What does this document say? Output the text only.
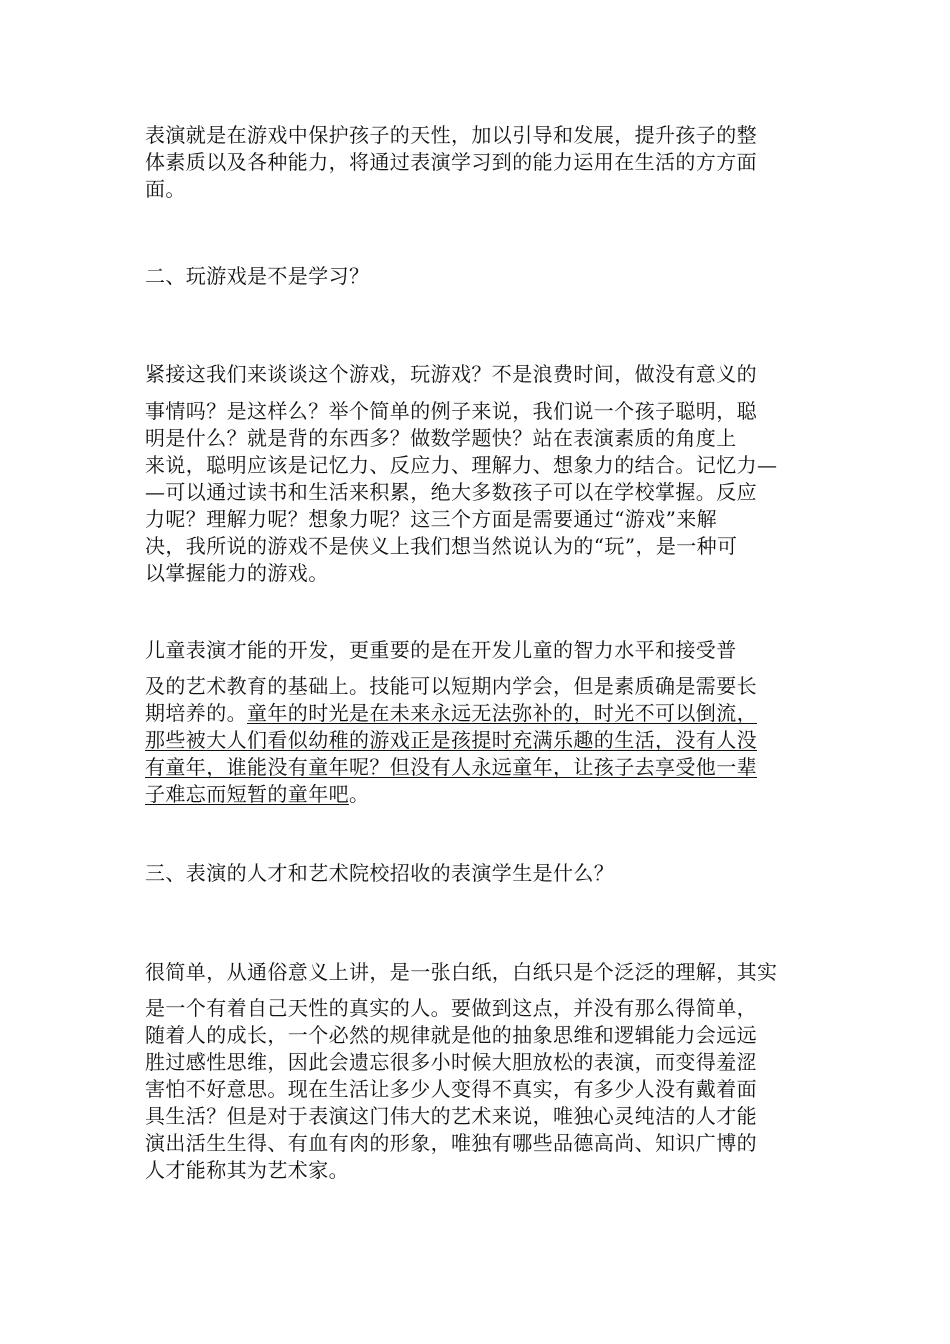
表演就是在游戏中保护孩子的天性，加以引导和发展，提升孩子的整
体素质以及各种能力，将通过表演学习到的能力运用在生活的方方面
面。
二、玩游戏是不是学习？
紧接这我们来谈谈这个游戏，玩游戏？不是浪费时间，做没有意义的
事情吗？是这样么？举个简单的例子来说，我们说一个孩子聪明，聪
明是什么？就是背的东西多？做数学题快？站在表演素质的角度上
来说，聪明应该是记忆力、反应力、理解力、想象力的结合。记忆力—
—可以通过读书和生活来积累，绝大多数孩子可以在学校掌握。反应
力呢？理解力呢？想象力呢？这三个方面是需要通过“游戏”来解
决，我所说的游戏不是侠义上我们想当然说认为的“玩”，是一种可
以掌握能力的游戏。
儿童表演才能的开发，更重要的是在开发儿童的智力水平和接受普
及的艺术教育的基础上。技能可以短期内学会，但是素质确是需要长
期培养的。童年的时光是在未来永远无法弥补的，时光不可以倒流，
那些被大人们看似幼稚的游戏正是孩提时充满乐趣的生活，没有人没
有童年，谁能没有童年呢？但没有人永远童年，让孩子去享受他一辈
子难忘而短暂的童年吧。
三、表演的人才和艺术院校招收的表演学生是什么？
很简单，从通俗意义上讲，是一张白纸，白纸只是个泛泛的理解，其实
是一个有着自己天性的真实的人。要做到这点，并没有那么得简单，
随着人的成长，一个必然的规律就是他的抽象思维和逻辑能力会远远
胜过感性思维，因此会遗忘很多小时候大胆放松的表演，而变得羞涩
害怕不好意思。现在生活让多少人变得不真实，有多少人没有戴着面
具生活？但是对于表演这门伟大的艺术来说，唯独心灵纯洁的人才能
演出活生生得、有血有肉的形象，唯独有哪些品德高尚、知识广博的
人才能称其为艺术家。
